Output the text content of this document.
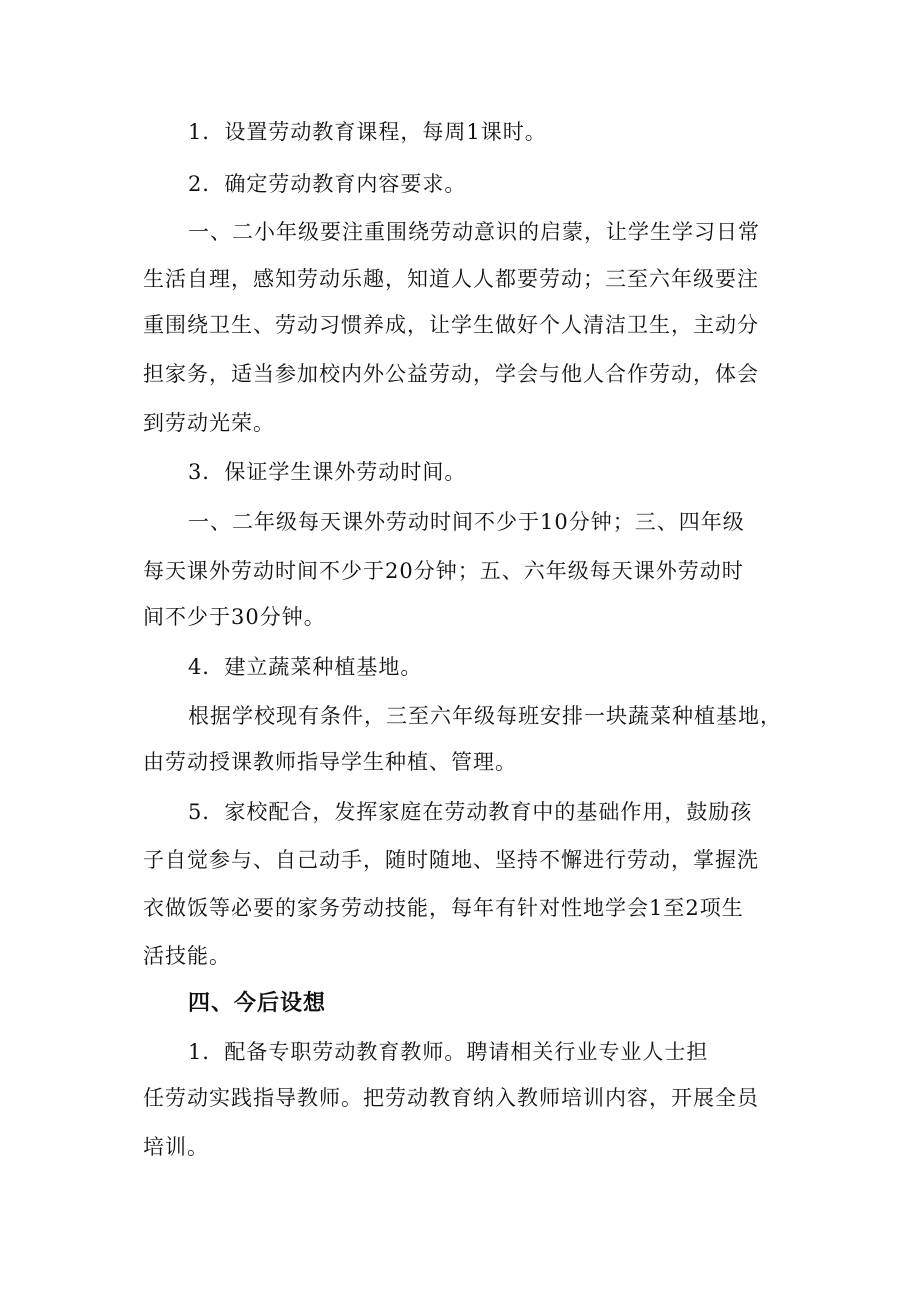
1．设置劳动教育课程，每周1课时。
2．确定劳动教育内容要求。
一、二小年级要注重围绕劳动意识的启蒙，让学生学习日常
生活自理，感知劳动乐趣，知道人人都要劳动；三至六年级要注
重围绕卫生、劳动习惯养成，让学生做好个人清洁卫生，主动分
担家务，适当参加校内外公益劳动，学会与他人合作劳动，体会
到劳动光荣。
3．保证学生课外劳动时间。
一、二年级每天课外劳动时间不少于10分钟；三、四年级
每天课外劳动时间不少于20分钟；五、六年级每天课外劳动时
间不少于30分钟。
4．建立蔬菜种植基地。
根据学校现有条件，三至六年级每班安排一块蔬菜种植基地，
由劳动授课教师指导学生种植、管理。
5．家校配合，发挥家庭在劳动教育中的基础作用，鼓励孩
子自觉参与、自己动手，随时随地、坚持不懈进行劳动，掌握洗
衣做饭等必要的家务劳动技能，每年有针对性地学会1至2项生
活技能。
四、今后设想
1．配备专职劳动教育教师。聘请相关行业专业人士担
任劳动实践指导教师。把劳动教育纳入教师培训内容，开展全员
培训。
